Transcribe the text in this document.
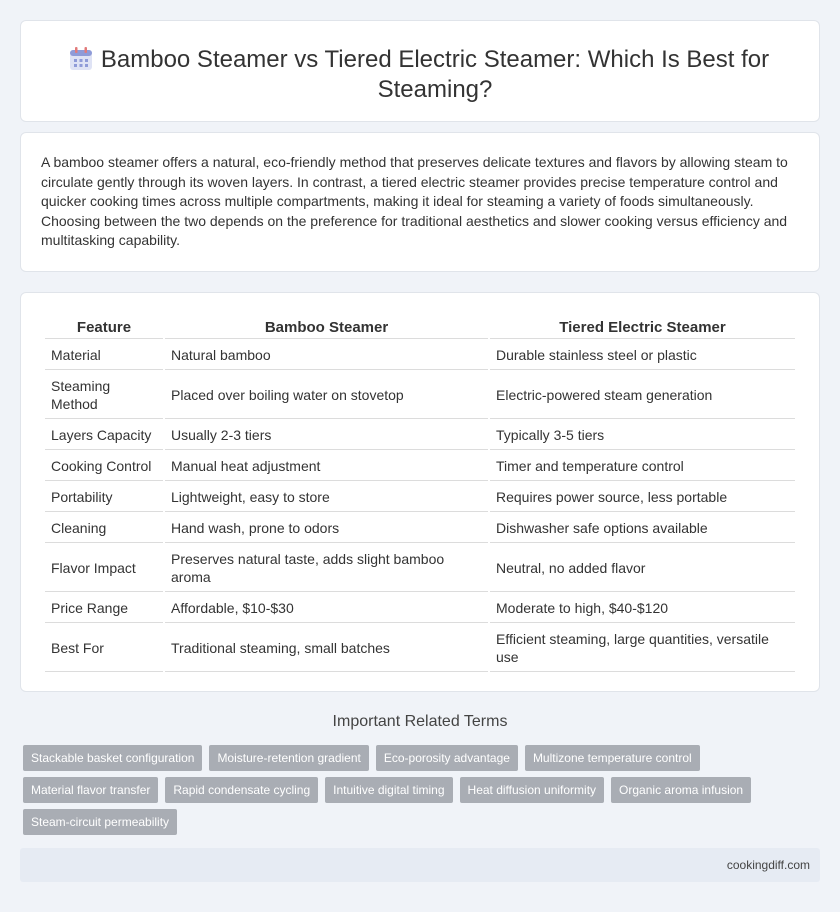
Bamboo Steamer vs Tiered Electric Steamer: Which Is Best for Steaming?

A bamboo steamer offers a natural, eco-friendly method that preserves delicate textures and flavors by allowing steam to circulate gently through its woven layers. In contrast, a tiered electric steamer provides precise temperature control and quicker cooking times across multiple compartments, making it ideal for steaming a variety of foods simultaneously. Choosing between the two depends on the preference for traditional aesthetics and slower cooking versus efficiency and multitasking capability.

Feature	Bamboo Steamer	Tiered Electric Steamer
Material	Natural bamboo	Durable stainless steel or plastic
Steaming Method	Placed over boiling water on stovetop	Electric-powered steam generation
Layers Capacity	Usually 2-3 tiers	Typically 3-5 tiers
Cooking Control	Manual heat adjustment	Timer and temperature control
Portability	Lightweight, easy to store	Requires power source, less portable
Cleaning	Hand wash, prone to odors	Dishwasher safe options available
Flavor Impact	Preserves natural taste, adds slight bamboo aroma	Neutral, no added flavor
Price Range	Affordable, $10-$30	Moderate to high, $40-$120
Best For	Traditional steaming, small batches	Efficient steaming, large quantities, versatile use
Important Related Terms
Stackable basket configuration	Moisture-retention gradient	Eco-porosity advantage	Multizone temperature control
Material flavor transfer	Rapid condensate cycling	Intuitive digital timing	Heat diffusion uniformity	Organic aroma infusion
Steam-circuit permeability
cookingdiff.com
